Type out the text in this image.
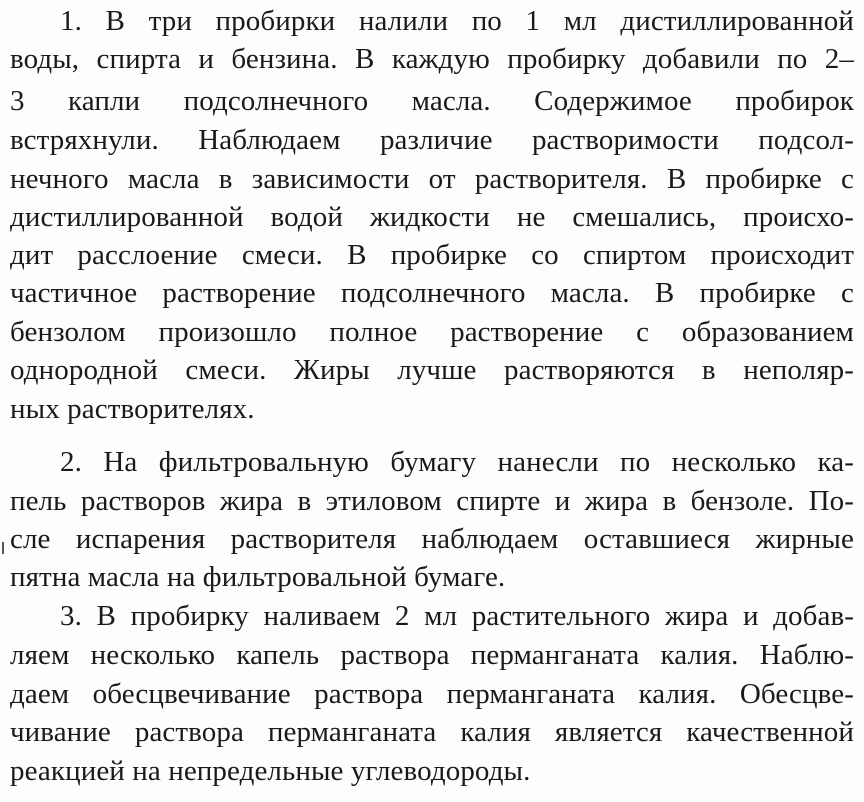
1. В три пробирки налили по 1 мл дистиллированной
воды, спирта и бензина. В каждую пробирку добавили по 2–
3 капли подсолнечного масла. Содержимое пробирок
встряхнули. Наблюдаем различие растворимости подсол-
нечного масла в зависимости от растворителя. В пробирке с
дистиллированной водой жидкости не смешались, происхо-
дит расслоение смеси. В пробирке со спиртом происходит
частичное растворение подсолнечного масла. В пробирке с
бензолом произошло полное растворение с образованием
однородной смеси. Жиры лучше растворяются в неполяр-
ных растворителях.
2. На фильтровальную бумагу нанесли по несколько ка-
пель растворов жира в этиловом спирте и жира в бензоле. По-
сле испарения растворителя наблюдаем оставшиеся жирные
пятна масла на фильтровальной бумаге.
3. В пробирку наливаем 2 мл растительного жира и добав-
ляем несколько капель раствора перманганата калия. Наблю-
даем обесцвечивание раствора перманганата калия. Обесцве-
чивание раствора перманганата калия является качественной
реакцией на непредельные углеводороды.
